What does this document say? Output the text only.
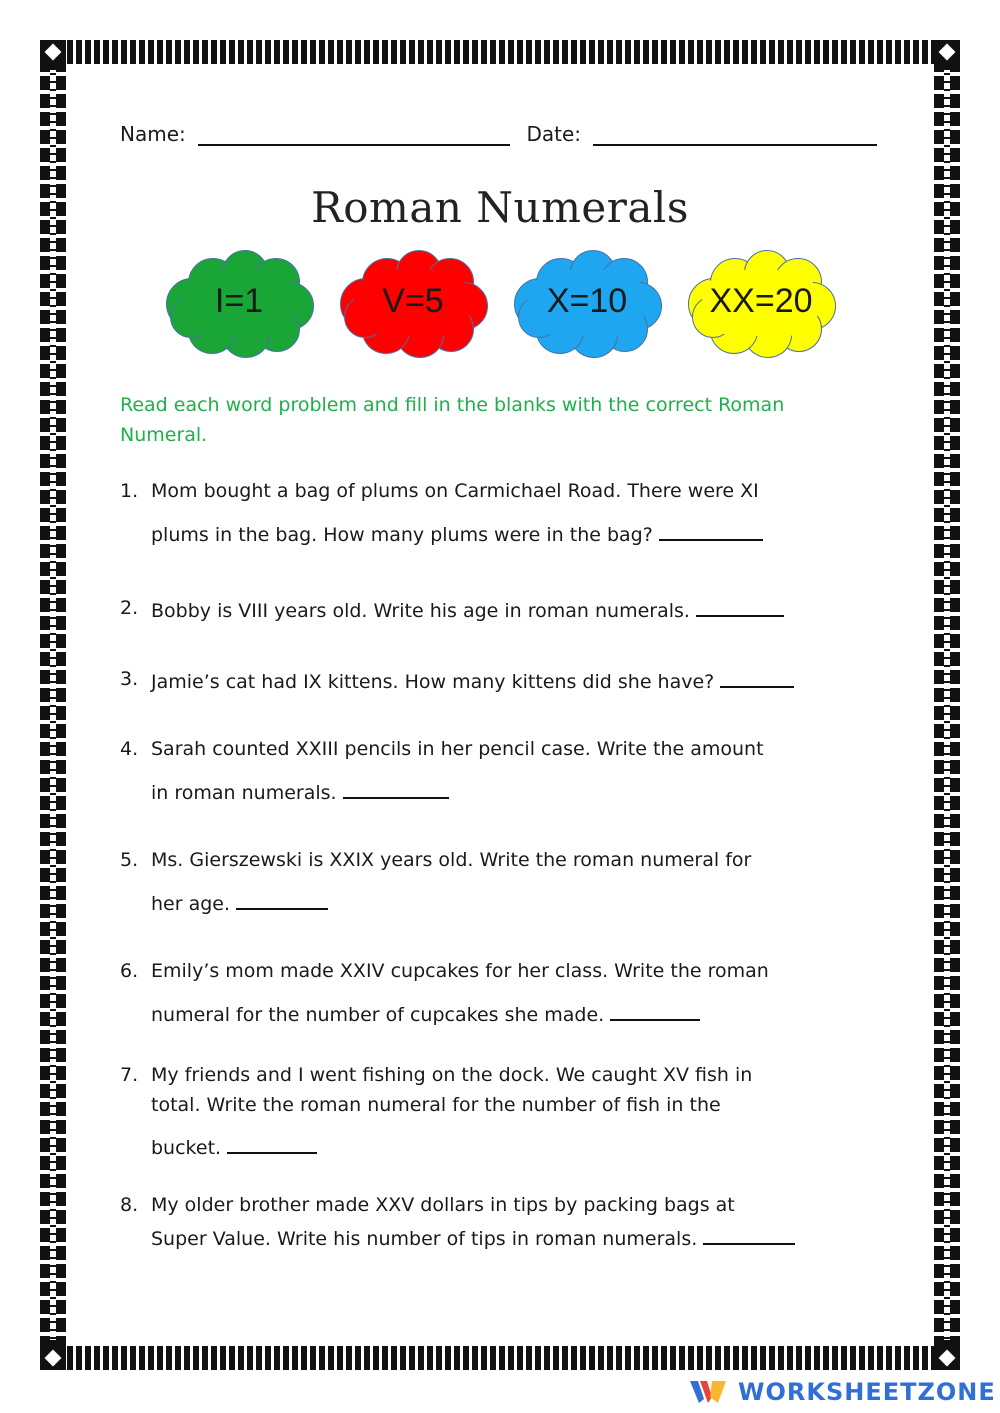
Name:	Date:
Roman Numerals
I=1	V=5	X=10	XX=20
Read each word problem and fill in the blanks with the correct Roman Numeral.
1. Mom bought a bag of plums on Carmichael Road. There were XI
plums in the bag. How many plums were in the bag?
2. Bobby is VIII years old. Write his age in roman numerals.
3. Jamie’s cat had IX kittens. How many kittens did she have?
4. Sarah counted XXIII pencils in her pencil case. Write the amount
in roman numerals.
5. Ms. Gierszewski is XXIX years old. Write the roman numeral for
her age.
6. Emily’s mom made XXIV cupcakes for her class. Write the roman
numeral for the number of cupcakes she made.
7. My friends and I went fishing on the dock. We caught XV fish in
total. Write the roman numeral for the number of fish in the
bucket.
8. My older brother made XXV dollars in tips by packing bags at
Super Value. Write his number of tips in roman numerals.
WORKSHEETZONE
